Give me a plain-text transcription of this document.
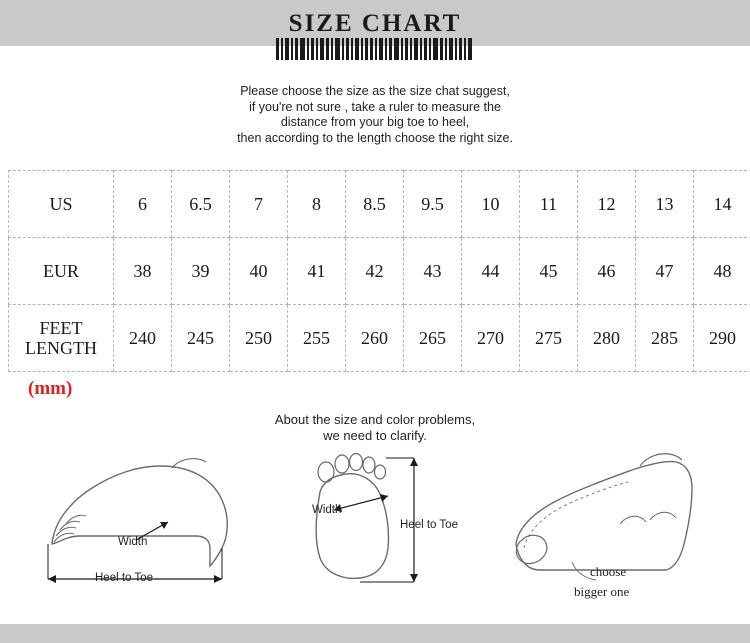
SIZE CHART
Please choose the size as the size chat suggest,
if you're not sure , take a ruler to measure the
distance from your big toe to heel,
then according to the length choose the right size.
US	6	6.5	7	8	8.5	9.5	10	11	12	13	14
EUR	38	39	40	41	42	43	44	45	46	47	48
FEET
LENGTH	240	245	250	255	260	265	270	275	280	285	290
(mm)
About the size and color problems,
we need to clarify.
Width
Heel to Toe
Width
Heel to Toe
choose
bigger one
